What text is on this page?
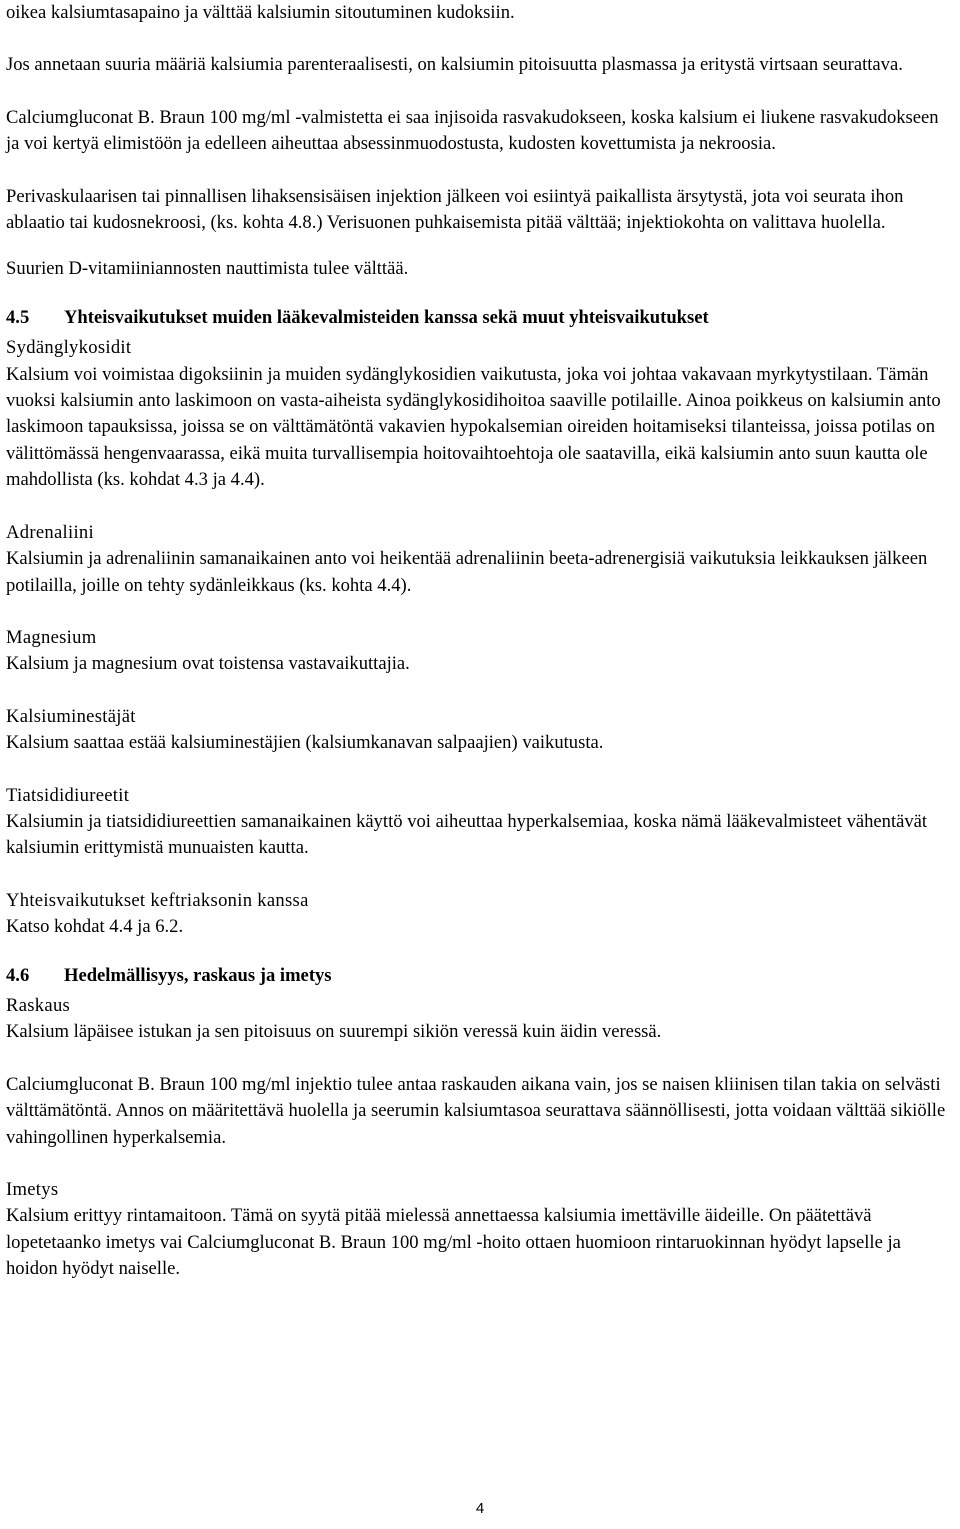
oikea kalsiumtasapaino ja välttää kalsiumin sitoutuminen kudoksiin.

Jos annetaan suuria määriä kalsiumia parenteraalisesti, on kalsiumin pitoisuutta plasmassa ja eritystä virtsaan seurattava.

Calciumgluconat B. Braun 100 mg/ml -valmistetta ei saa injisoida rasvakudokseen, koska kalsium ei liukene rasvakudokseen ja voi kertyä elimistöön ja edelleen aiheuttaa absessinmuodostusta, kudosten kovettumista ja nekroosia.

Perivaskulaarisen tai pinnallisen lihaksensisäisen injektion jälkeen voi esiintyä paikallista ärsytystä, jota voi seurata ihon ablaatio tai kudosnekroosi, (ks. kohta 4.8.) Verisuonen puhkaisemista pitää välttää; injektiokohta on valittava huolella.

Suurien D-vitamiiniannosten nauttimista tulee välttää.

4.5 Yhteisvaikutukset muiden lääkevalmisteiden kanssa sekä muut yhteisvaikutukset

Sydänglykosidit

Kalsium voi voimistaa digoksiinin ja muiden sydänglykosidien vaikutusta, joka voi johtaa vakavaan myrkytystilaan. Tämän vuoksi kalsiumin anto laskimoon on vasta-aiheista sydänglykosidihoitoa saaville potilaille. Ainoa poikkeus on kalsiumin anto laskimoon tapauksissa, joissa se on välttämätöntä vakavien hypokalsemian oireiden hoitamiseksi tilanteissa, joissa potilas on välittömässä hengenvaarassa, eikä muita turvallisempia hoitovaihtoehtoja ole saatavilla, eikä kalsiumin anto suun kautta ole mahdollista (ks. kohdat 4.3 ja 4.4).

Adrenaliini

Kalsiumin ja adrenaliinin samanaikainen anto voi heikentää adrenaliinin beeta-adrenergisiä vaikutuksia leikkauksen jälkeen potilailla, joille on tehty sydänleikkaus (ks. kohta 4.4).

Magnesium

Kalsium ja magnesium ovat toistensa vastavaikuttajia.

Kalsiuminestäjät

Kalsium saattaa estää kalsiuminestäjien (kalsiumkanavan salpaajien) vaikutusta.

Tiatsididiureetit

Kalsiumin ja tiatsididiureettien samanaikainen käyttö voi aiheuttaa hyperkalsemiaa, koska nämä lääkevalmisteet vähentävät kalsiumin erittymistä munuaisten kautta.

Yhteisvaikutukset keftriaksonin kanssa

Katso kohdat 4.4 ja 6.2.

4.6 Hedelmällisyys, raskaus ja imetys

Raskaus

Kalsium läpäisee istukan ja sen pitoisuus on suurempi sikiön veressä kuin äidin veressä.

Calciumgluconat B. Braun 100 mg/ml injektio tulee antaa raskauden aikana vain, jos se naisen kliinisen tilan takia on selvästi välttämätöntä. Annos on määritettävä huolella ja seerumin kalsiumtasoa seurattava säännöllisesti, jotta voidaan välttää sikiölle vahingollinen hyperkalsemia.

Imetys

Kalsium erittyy rintamaitoon. Tämä on syytä pitää mielessä annettaessa kalsiumia imettäville äideille. On päätettävä lopetetaanko imetys vai Calciumgluconat B. Braun 100 mg/ml -hoito ottaen huomioon rintaruokinnan hyödyt lapselle ja hoidon hyödyt naiselle.

4
